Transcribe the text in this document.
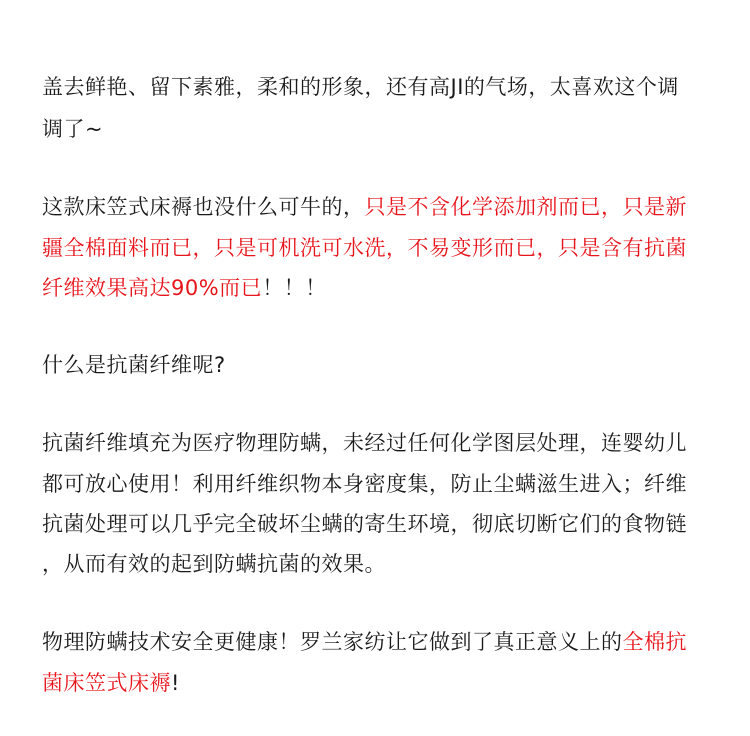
盖去鲜艳、留下素雅，柔和的形象，还有高JI的气场，太喜欢这个调
调了~
这款床笠式床褥也没什么可牛的，只是不含化学添加剂而已，只是新
疆全棉面料而已，只是可机洗可水洗，不易变形而已，只是含有抗菌
纤维效果高达90%而已！！！
什么是抗菌纤维呢?
抗菌纤维填充为医疗物理防螨，未经过任何化学图层处理，连婴幼儿
都可放心使用！利用纤维织物本身密度集，防止尘螨滋生进入；纤维
抗菌处理可以几乎完全破坏尘螨的寄生环境，彻底切断它们的食物链
，从而有效的起到防螨抗菌的效果。
物理防螨技术安全更健康！罗兰家纺让它做到了真正意义上的全棉抗
菌床笠式床褥!
